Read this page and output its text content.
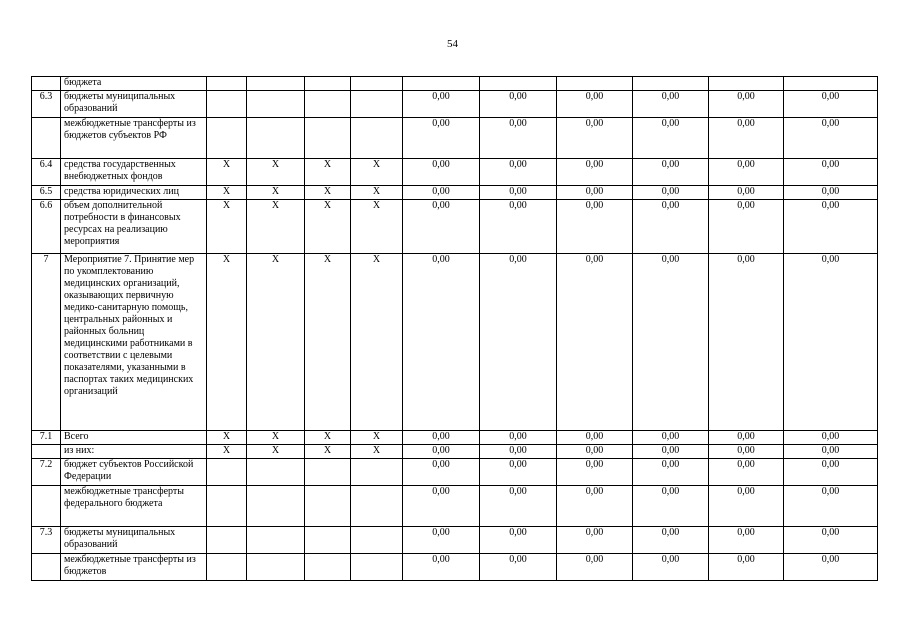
54
	бюджета										
6.3	бюджеты муниципальных образований					0,00	0,00	0,00	0,00	0,00	0,00
	межбюджетные трансферты из бюджетов субъектов РФ					0,00	0,00	0,00	0,00	0,00	0,00
6.4	средства государственных внебюджетных фондов	X	X	X	X	0,00	0,00	0,00	0,00	0,00	0,00
6.5	средства юридических лиц	X	X	X	X	0,00	0,00	0,00	0,00	0,00	0,00
6.6	объем дополнительной потребности в финансовых ресурсах на реализацию мероприятия	X	X	X	X	0,00	0,00	0,00	0,00	0,00	0,00
7	Мероприятие 7. Принятие мер по укомплектованию медицинских организаций, оказывающих первичную медико-санитарную помощь, центральных районных и районных больниц медицинскими работниками в соответствии с целевыми показателями, указанными в паспортах таких медицинских организаций	X	X	X	X	0,00	0,00	0,00	0,00	0,00	0,00
7.1	Всего	X	X	X	X	0,00	0,00	0,00	0,00	0,00	0,00
	из них:	X	X	X	X	0,00	0,00	0,00	0,00	0,00	0,00
7.2	бюджет субъектов Российской Федерации					0,00	0,00	0,00	0,00	0,00	0,00
	межбюджетные трансферты федерального бюджета					0,00	0,00	0,00	0,00	0,00	0,00
7.3	бюджеты муниципальных образований					0,00	0,00	0,00	0,00	0,00	0,00
	межбюджетные трансферты из бюджетов					0,00	0,00	0,00	0,00	0,00	0,00
